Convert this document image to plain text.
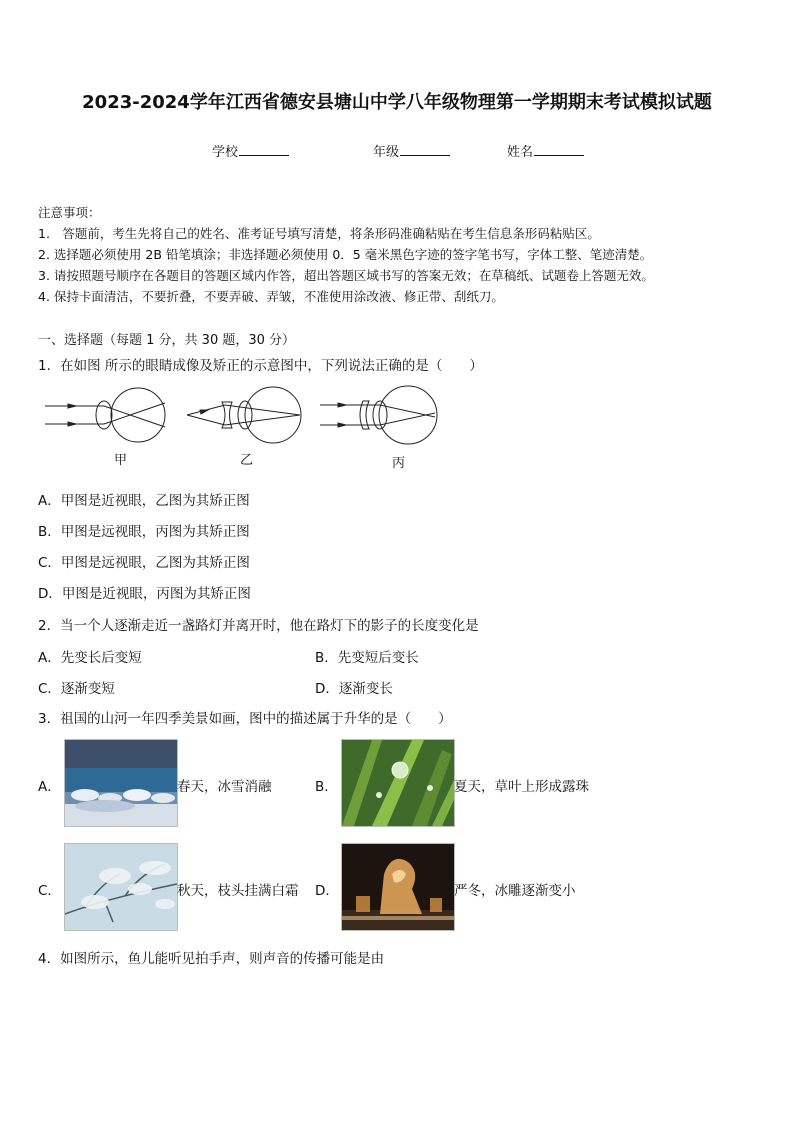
2023-2024学年江西省德安县塘山中学八年级物理第一学期期末考试模拟试题
学校	年级	姓名
注意事项：
1.　答题前，考生先将自己的姓名、准考证号填写清楚，将条形码准确粘贴在考生信息条形码粘贴区。
2. 选择题必须使用 2B 铅笔填涂；非选择题必须使用 0．5 毫米黑色字迹的签字笔书写，字体工整、笔迹清楚。
3. 请按照题号顺序在各题目的答题区域内作答，超出答题区域书写的答案无效；在草稿纸、试题卷上答题无效。
4. 保持卡面清洁，不要折叠，不要弄破、弄皱，不准使用涂改液、修正带、刮纸刀。
一、选择题（每题 1 分，共 30 题，30 分）
1．在如图 所示的眼睛成像及矫正的示意图中，下列说法正确的是（　　）
甲	乙	丙
A．甲图是近视眼，乙图为其矫正图
B．甲图是远视眼，丙图为其矫正图
C．甲图是远视眼，乙图为其矫正图
D．甲图是近视眼，丙图为其矫正图
2．当一个人逐渐走近一盏路灯并离开时，他在路灯下的影子的长度变化是
A．先变长后变短	B．先变短后变长
C．逐渐变短	D．逐渐变长
3．祖国的山河一年四季美景如画，图中的描述属于升华的是（　　）
A．	春天，冰雪消融	B．	夏天，草叶上形成露珠
C．	秋天，枝头挂满白霜 D．	严冬，冰雕逐渐变小
4．如图所示，鱼儿能听见拍手声，则声音的传播可能是由
